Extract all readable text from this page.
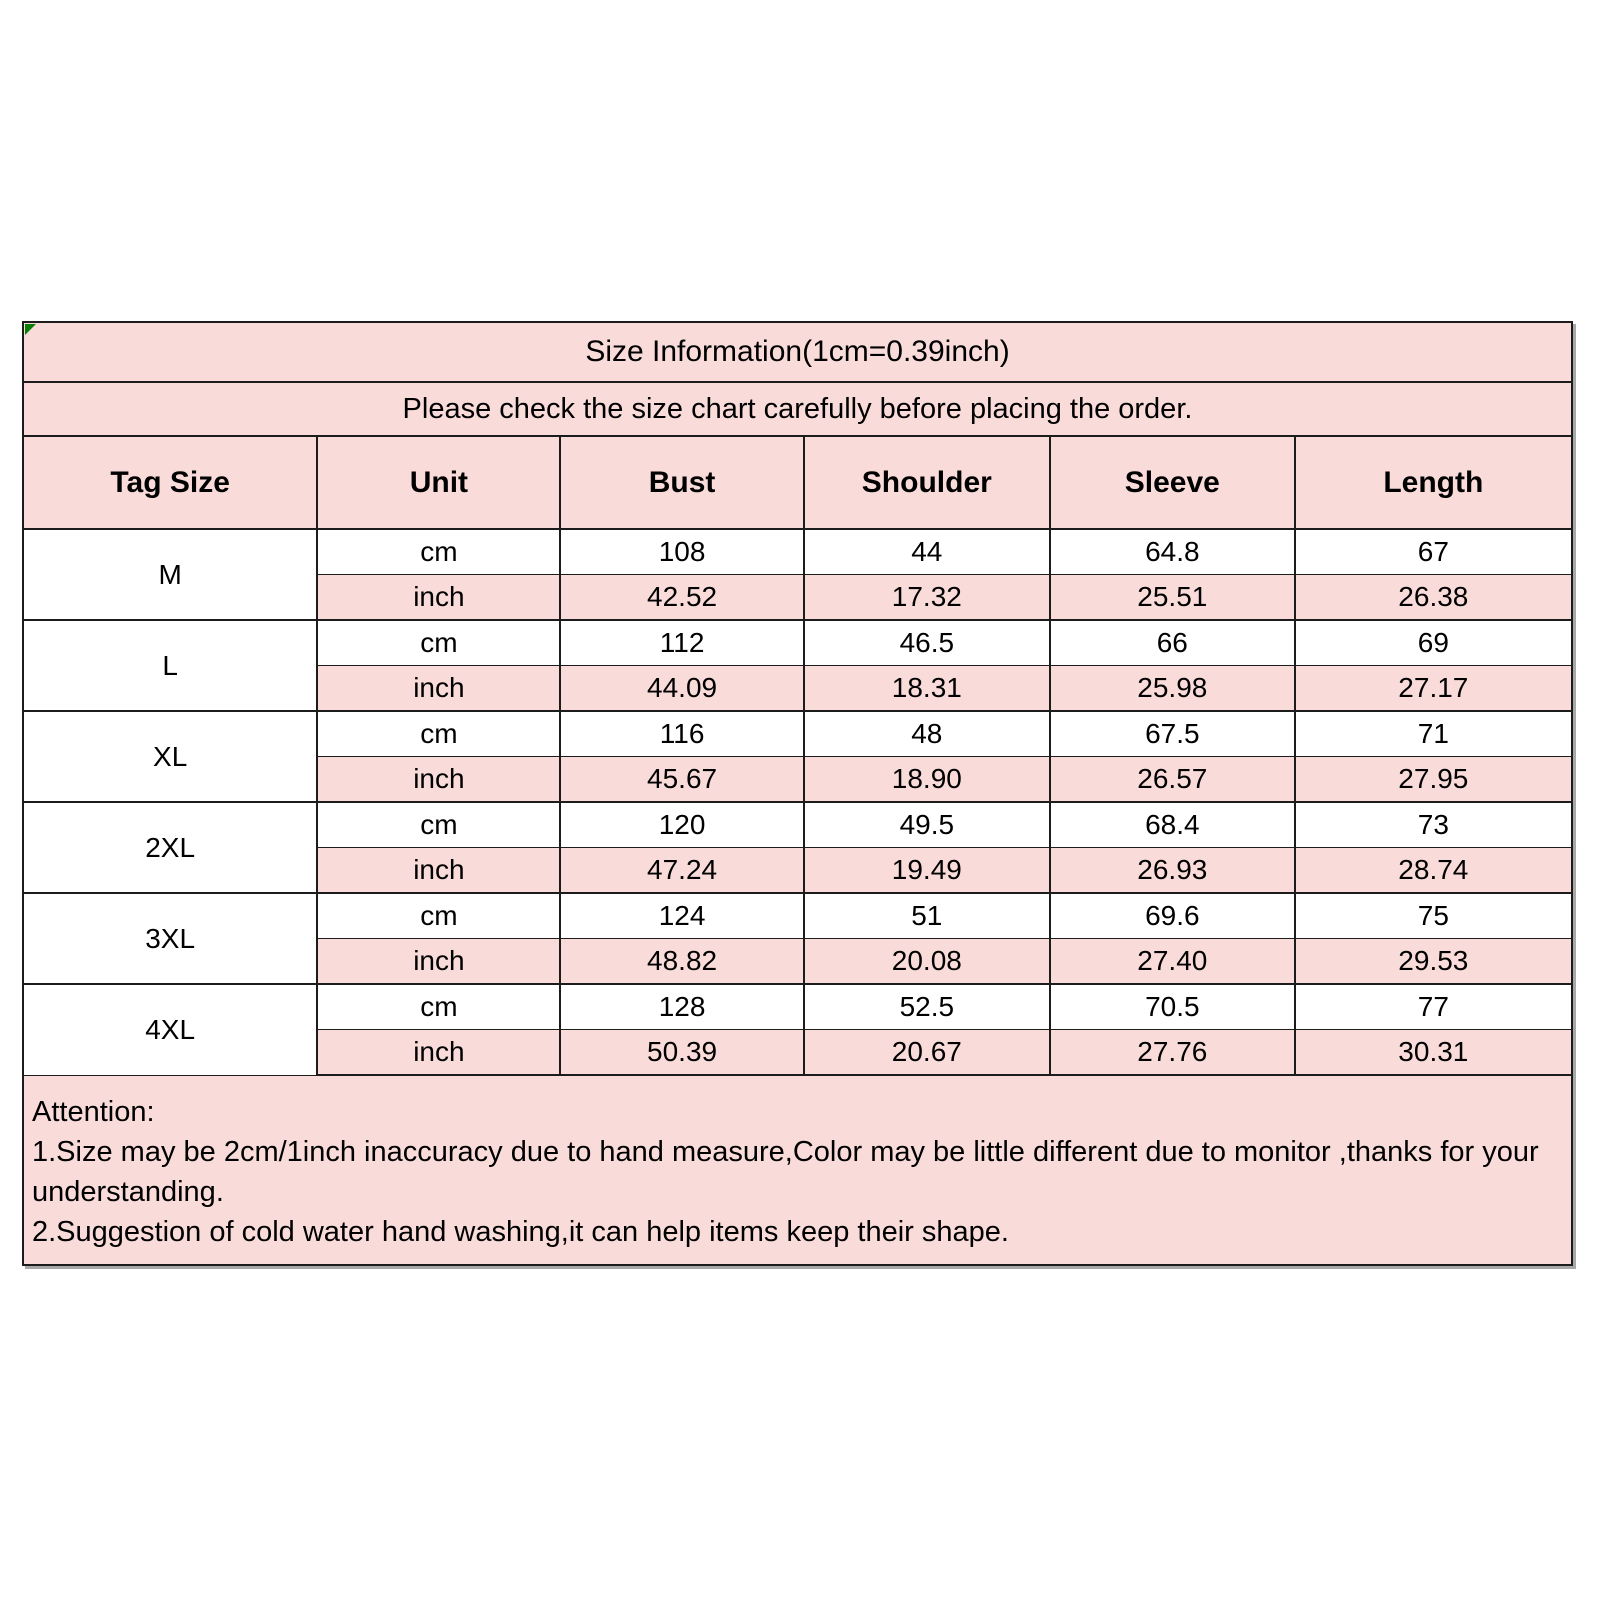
Size Information(1cm=0.39inch)					
Please check the size chart carefully before placing the order.					
Tag Size	Unit	Bust	Shoulder	Sleeve	Length
M	cm	108	44	64.8	67
	inch	42.52	17.32	25.51	26.38
L	cm	112	46.5	66	69
	inch	44.09	18.31	25.98	27.17
XL	cm	116	48	67.5	71
	inch	45.67	18.90	26.57	27.95
2XL	cm	120	49.5	68.4	73
	inch	47.24	19.49	26.93	28.74
3XL	cm	124	51	69.6	75
	inch	48.82	20.08	27.40	29.53
4XL	cm	128	52.5	70.5	77
	inch	50.39	20.67	27.76	30.31
Attention:
1.Size may be 2cm/1inch inaccuracy due to hand measure,Color may be little different due to monitor ,thanks for your understanding.
2.Suggestion of cold water hand washing,it can help items keep their shape.
